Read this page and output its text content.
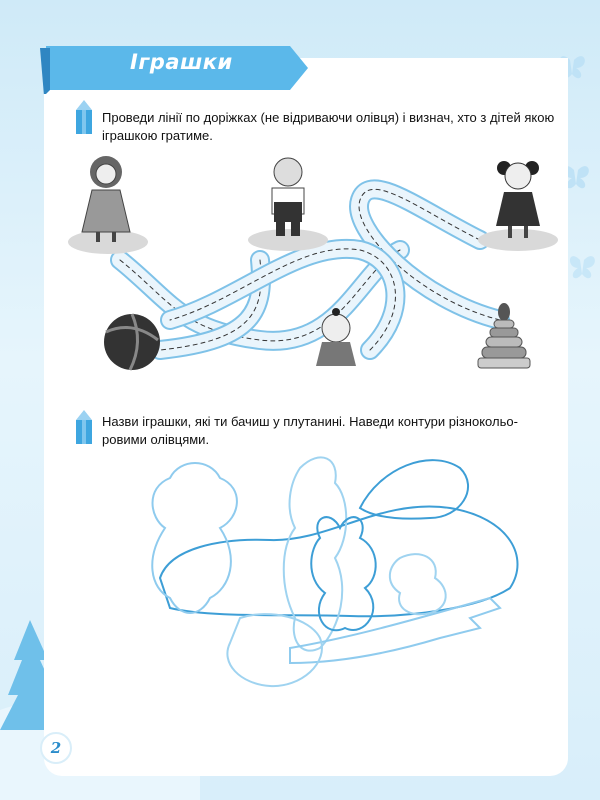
Іграшки
Проведи лінії по доріжках (не відриваючи олівця) і визнач, хто з дітей якою іграшкою гратиме.
Назви іграшки, які ти бачиш у плутанині. Наведи контури різнокольо-ровими олівцями.
2
